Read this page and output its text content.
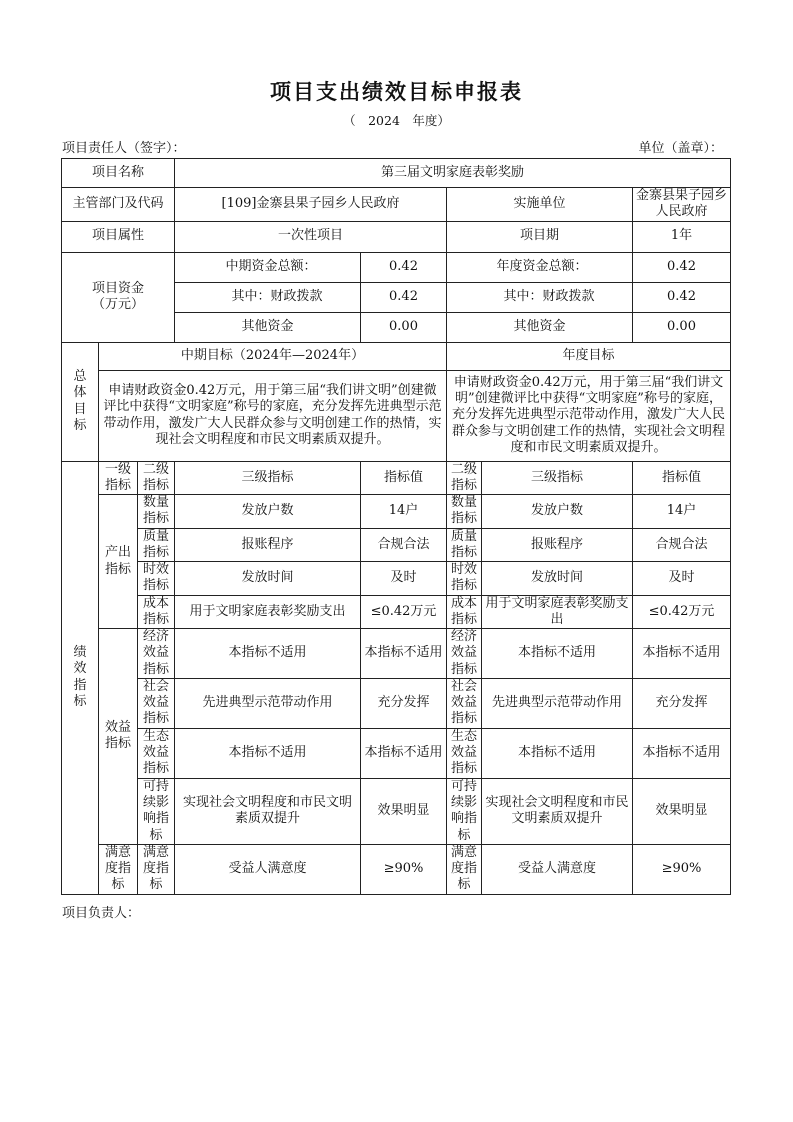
项目支出绩效目标申报表
（　2024　年度）
项目责任人（签字）：	单位（盖章）：
项目名称			第三届文明家庭表彰奖励				
主管部门及代码			[109]金寨县果子园乡人民政府		实施单位		金寨县果子园乡人民政府
项目属性			一次性项目		项目期		1年
项目资金（万元）			中期资金总额：	0.42	年度资金总额：		0.42
			其中：财政拨款	0.42	其中：财政拨款		0.42
			其他资金	0.00	其他资金		0.00
总体目标	中期目标（2024年—2024年）				年度目标		
	申请财政资金0.42万元，用于第三届“我们讲文明”创建微评比中获得“文明家庭”称号的家庭，充分发挥先进典型示范带动作用，激发广大人民群众参与文明创建工作的热情，实现社会文明程度和市民文明素质双提升。				申请财政资金0.42万元，用于第三届“我们讲文明”创建微评比中获得“文明家庭”称号的家庭，充分发挥先进典型示范带动作用，激发广大人民群众参与文明创建工作的热情，实现社会文明程度和市民文明素质双提升。		
绩效指标	一级指标	二级指标	三级指标	指标值	二级指标	三级指标	指标值
	产出指标	数量指标	发放户数	14户	数量指标	发放户数	14户
		质量指标	报账程序	合规合法	质量指标	报账程序	合规合法
		时效指标	发放时间	及时	时效指标	发放时间	及时
		成本指标	用于文明家庭表彰奖励支出	≤0.42万元	成本指标	用于文明家庭表彰奖励支出	≤0.42万元
	效益指标	经济效益指标	本指标不适用	本指标不适用	经济效益指标	本指标不适用	本指标不适用
		社会效益指标	先进典型示范带动作用	充分发挥	社会效益指标	先进典型示范带动作用	充分发挥
		生态效益指标	本指标不适用	本指标不适用	生态效益指标	本指标不适用	本指标不适用
		可持续影响指标	实现社会文明程度和市民文明素质双提升	效果明显	可持续影响指标	实现社会文明程度和市民文明素质双提升	效果明显
	满意度指标	满意度指标	受益人满意度	≥90%	满意度指标	受益人满意度	≥90%
项目负责人：
